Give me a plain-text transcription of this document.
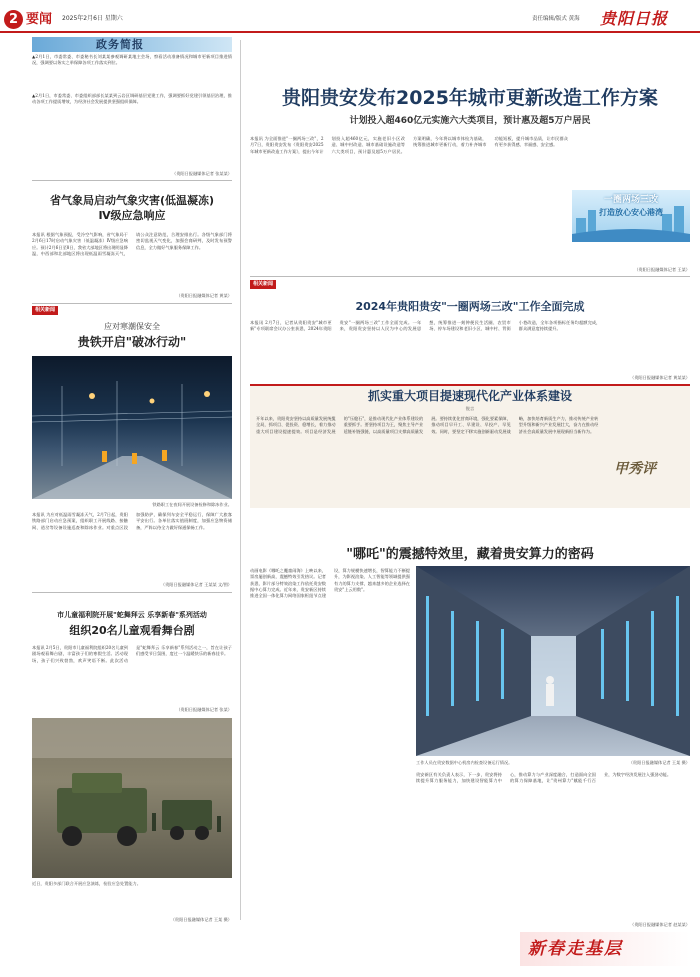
2 要闻 2025年2月6日 星期六	责任编辑/版式 黄海 贵阳日报
政务简报
▲2月1日，市委常委、市委秘书长刘某某参观调研某地主会场，察看活动准备情况和城市更新项目推进情况，强调要以务实之举保障各项工作落实到位。
▲2月1日，市委常委、市委组织部部长某某到云岩区调研基层党建工作，强调要抓好党建引领基层治理，推动各项工作提质增效，为经济社会发展提供坚强组织保障。
（贵阳日报融媒体记者 张某某）
省气象局启动气象灾害(低温凝冻)
Ⅳ级应急响应
本报讯 根据气象预报，受冷空气影响，省气象局于2月6日17时启动气象灾害（低温凝冻）Ⅳ级应急响应。预计2月6日至8日，我省大部地区将出现明显降温，中西部和北部地区将出现低温雨雪凝冻天气，请公众注意防范，合理安排出行。各级气象部门将密切监视天气变化，加强会商研判，及时发布预警信息，全力做好气象服务保障工作。
（贵阳日报融媒体记者 黄某）
相关新闻
应对寒潮保安全
贵铁开启"破冰行动"
铁路职工在夜间开展设备检修和除冰作业。
本报讯 为应对低温雨雪凝冻天气，2月7日起，贵阳铁路部门启动应急预案，组织职工开展线路、接触网、道岔等设备设施巡查和除冰作业。对重点区段加强防护，确保列车安全平稳运行，保障广大旅客平安出行。各单位落实值班制度，加强应急物资储备，严阵以待全力做好保通保畅工作。
（贵阳日报融媒体记者 王某某 文/图）
市儿童福利院开展"蛇舞拜云 乐享新春"系列活动
组织20名儿童观看舞台剧
本报讯 2月5日，贵阳市儿童福利院组织20名儿童到剧场观看舞台剧，丰富孩子们的寒假生活。活动现场，孩子们兴致勃勃，欢声笑语不断。此次活动是"蛇舞拜云 乐享新春"系列活动之一，旨在让孩子们感受节日氛围，度过一个温暖快乐的新春佳节。
（贵阳日报融媒体记者 张某）
近日，贵阳多部门联合开展应急演练，检验应急处置能力。
（贵阳日报融媒体记者 王某 摄）
贵阳贵安发布2025年城市更新改造工作方案
计划投入超460亿元实施六大类项目，预计惠及超5万户居民
本报讯 为全面推进"一圈两场三改"，2月7日，贵阳贵安发布《贵阳贵安2025年城市更新改造工作方案》，提出今年计划投入超460亿元，实施老旧小区改造、城中村改造、城市基础设施改造等六大类项目，预计惠及超5万户居民。方案明确，今年将以城市体检为基础，统筹推进城市更新行动，着力补齐城市功能短板，提升城市品质，让市民群众有更多获得感、幸福感、安全感。
（贵阳日报融媒体记者 王某）
一圈两场三改
打造放心安心港湾
相关新闻
2024年贵阳贵安"一圈两场三改"工作全面完成
本报讯 2月7日，记者从贵阳贵安"城市更新"专项联席会议办公室获悉，2024年贵阳贵安"一圈两场三改"工作全面完成。一年来，贵阳贵安坚持以人民为中心的发展思想，统筹推进一刻钟便民生活圈、农贸市场、停车场建设和老旧小区、城中村、背街小巷改造，全年各项指标任务均超额完成，群众满意度持续提升。
（贵阳日报融媒体记者 黄某某）
抓实重大项目提速现代化产业体系建设
锐言
开年以来，贵阳贵安坚持以高质量发展统揽全局，抓项目、促投资、稳增长，着力推动重大项目建设提速提效。项目是经济发展的"压舱石"，是推动现代化产业体系建设的重要抓手。要坚持项目为王，聚焦主导产业延链补链强链，以高质量项目支撑高质量发展。要持续优化营商环境，强化要素保障，推动项目早开工、早建设、早投产、早见效。同时，要坚定不移实施创新驱动发展战略，加快培育新质生产力，推动传统产业转型升级和新兴产业发展壮大，奋力在推动经济社会高质量发展中展现新担当新作为。
甲秀评
"哪吒"的震撼特效里，藏着贵安算力的密码
动画电影《哪吒之魔童闹海》上映以来，票房屡创新高，震撼特效引发热议。记者获悉，影片部分特效渲染工作依托贵安数据中心算力完成。近年来，贵安新区持续推进全国一体化算力网络国家枢纽节点建设，算力规模快速增长，智算能力不断提升，为影视渲染、人工智能等领域提供强有力的算力支撑，越来越多的企业选择在贵安"上云用数"。
工作人员在贵安数据中心机房内检查设备运行情况。	（贵阳日报融媒体记者 王某 摄）
贵安新区有关负责人表示，下一步，贵安将持续提升算力服务能力，加快建设智能算力中心，推动算力与产业深度融合，打造面向全国的算力保障基地，让"贵州算力"赋能千行百业，为数字经济发展注入强劲动能。
（贵阳日报融媒体记者 赵某某）
新春走基层
